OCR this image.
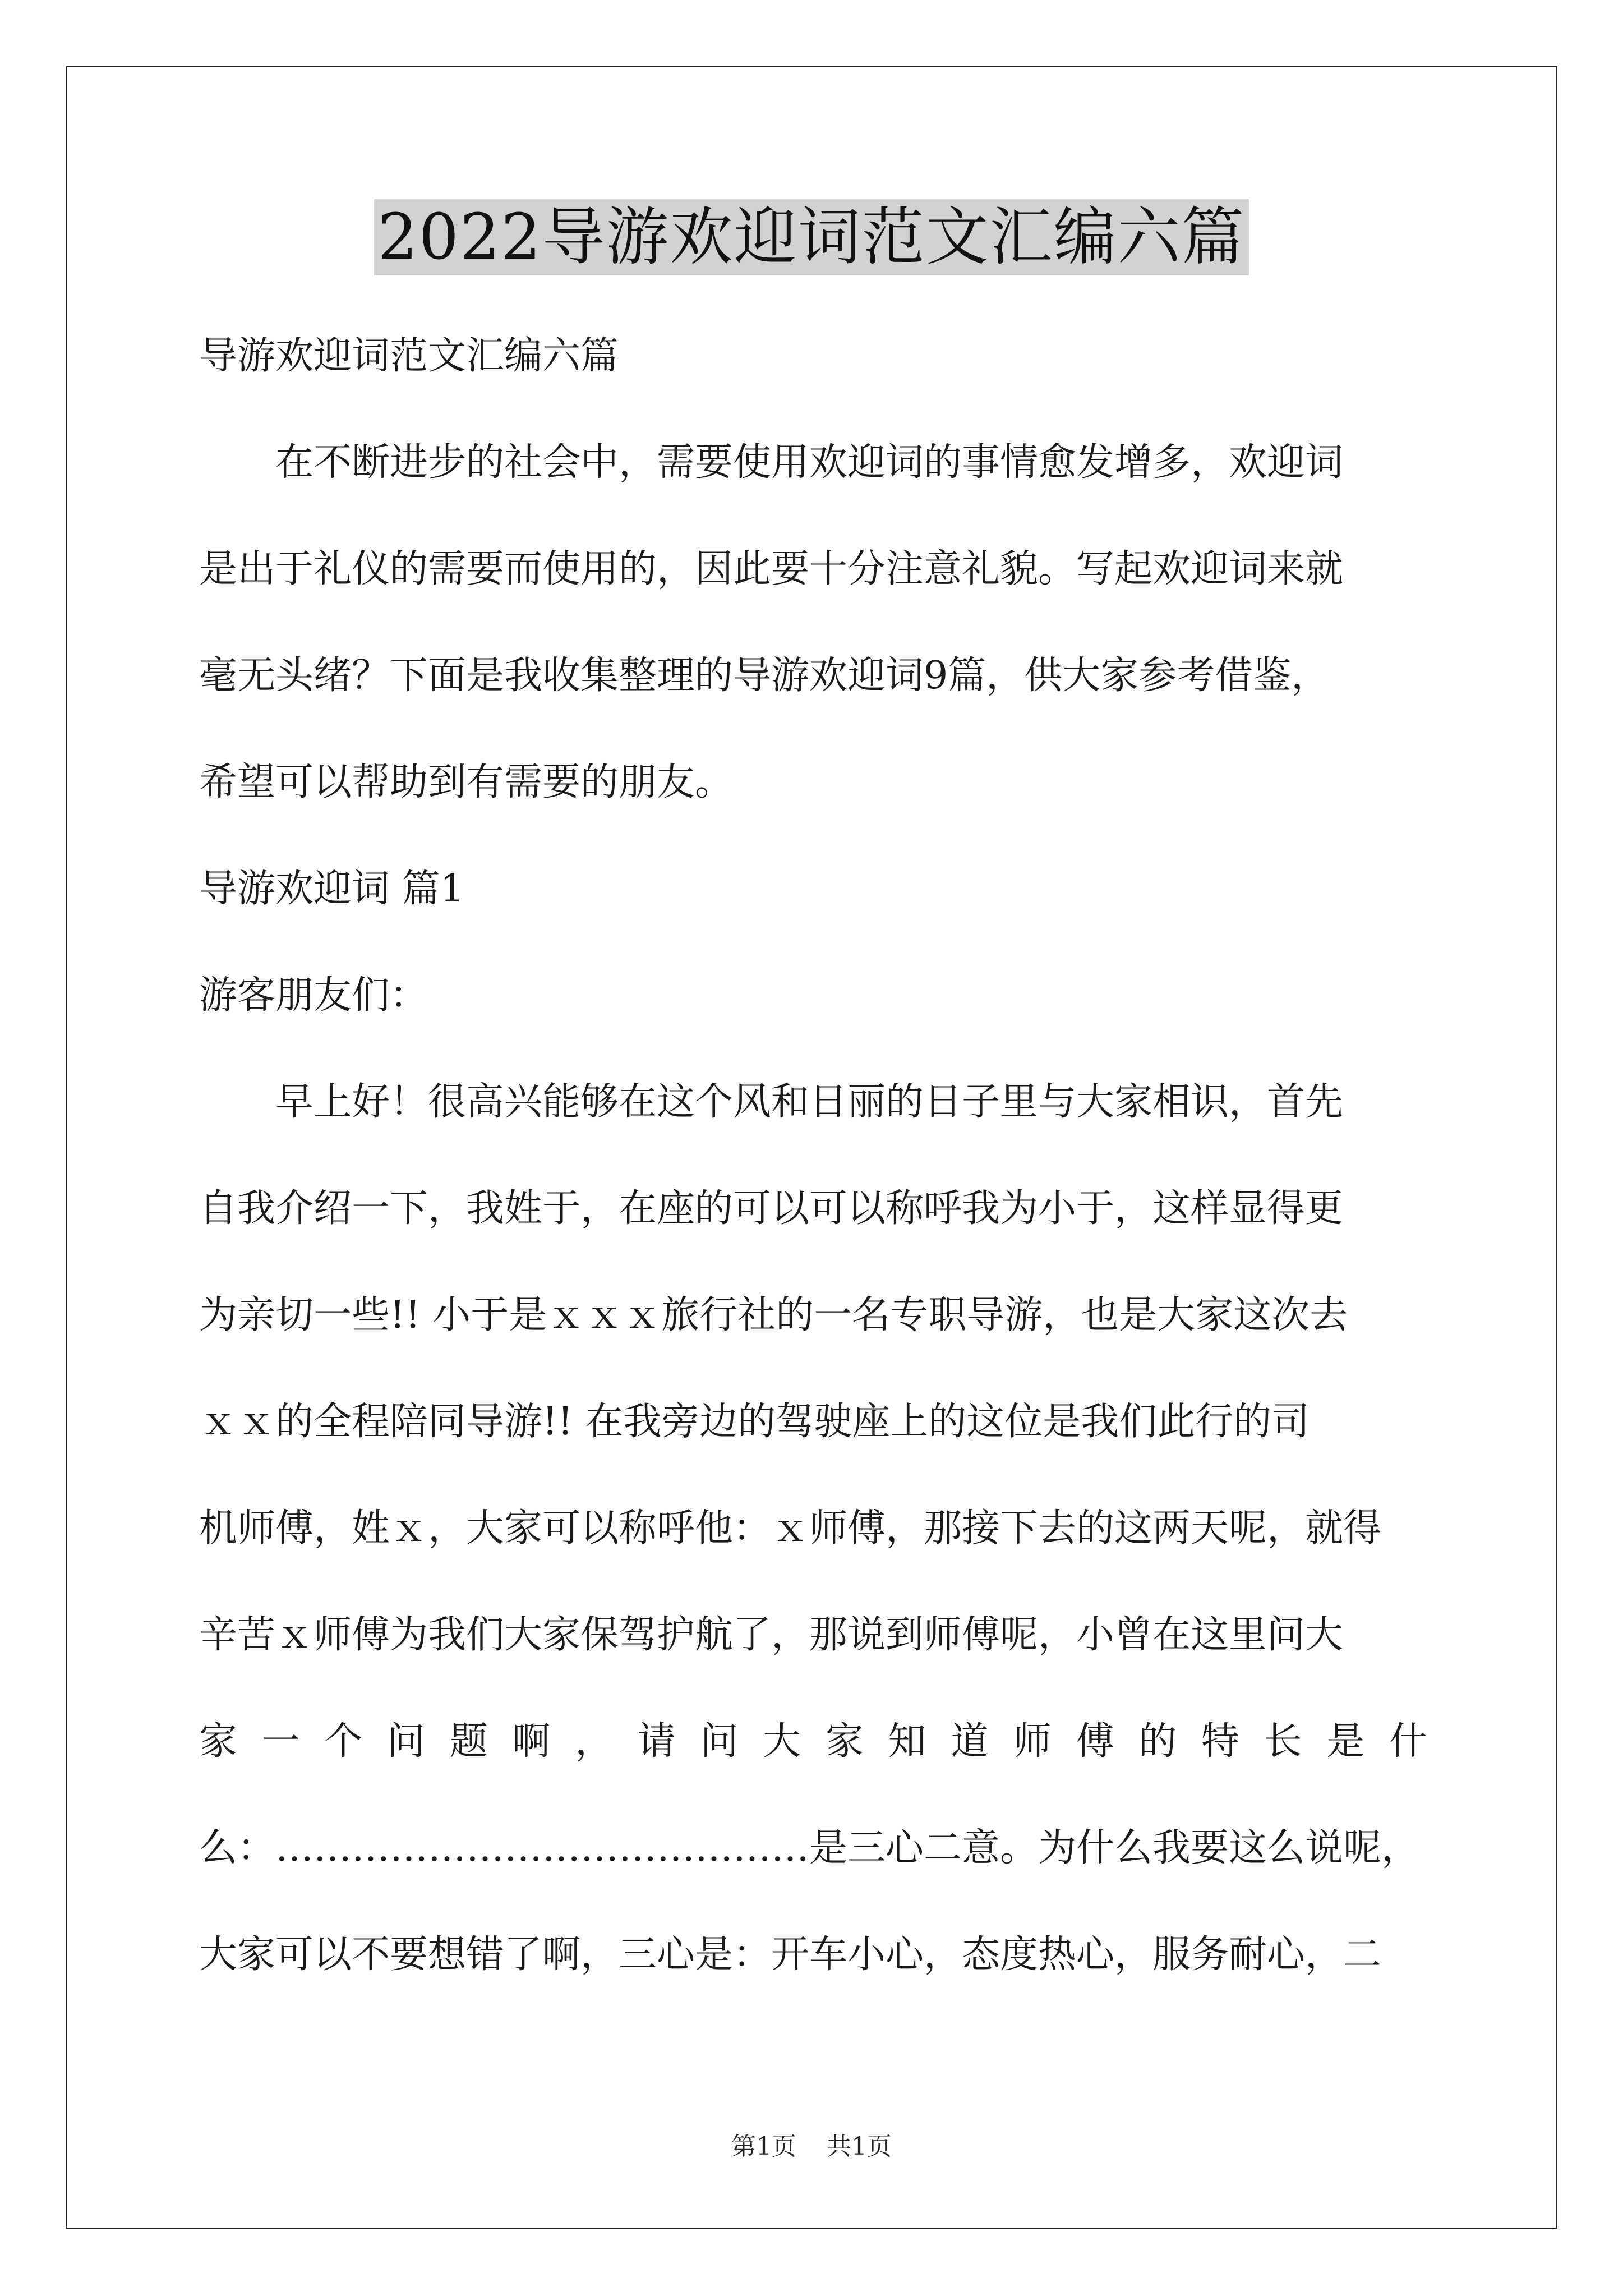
2022导游欢迎词范文汇编六篇
导游欢迎词范文汇编六篇
在不断进步的社会中，需要使用欢迎词的事情愈发增多，欢迎词
是出于礼仪的需要而使用的，因此要十分注意礼貌。写起欢迎词来就
毫无头绪？下面是我收集整理的导游欢迎词9篇，供大家参考借鉴，
希望可以帮助到有需要的朋友。
导游欢迎词 篇1
游客朋友们：
早上好！很高兴能够在这个风和日丽的日子里与大家相识，首先
自我介绍一下，我姓于，在座的可以可以称呼我为小于，这样显得更
为亲切一些!! 小于是ｘｘｘ旅行社的一名专职导游，也是大家这次去
ｘｘ的全程陪同导游!! 在我旁边的驾驶座上的这位是我们此行的司
机师傅，姓ｘ，大家可以称呼他：ｘ师傅，那接下去的这两天呢，就得
辛苦ｘ师傅为我们大家保驾护航了，那说到师傅呢，小曾在这里问大
家 一 个 问 题 啊 ， 请 问 大 家 知 道 师 傅 的 特 长 是 什
么：……………………………………是三心二意。为什么我要这么说呢，
大家可以不要想错了啊，三心是：开车小心，态度热心，服务耐心，二
第1页 共1页
